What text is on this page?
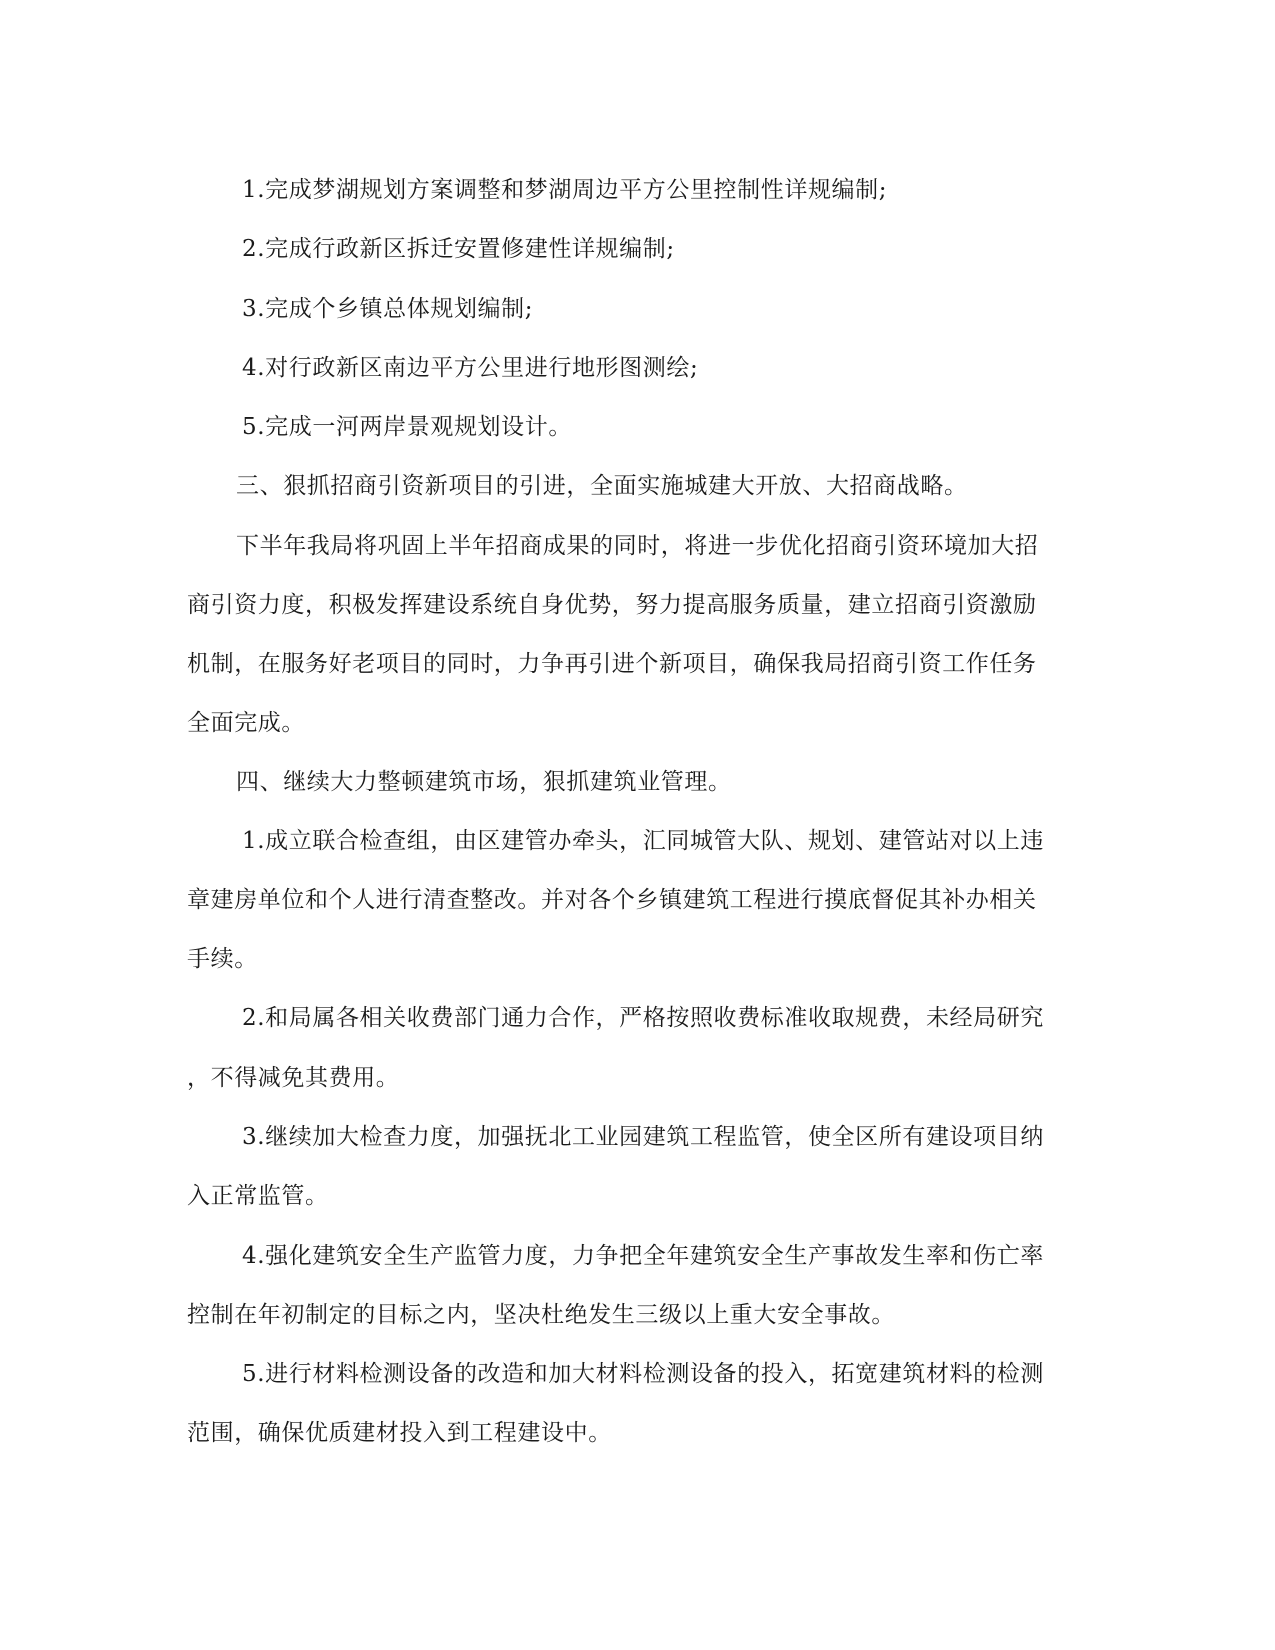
1.完成梦湖规划方案调整和梦湖周边平方公里控制性详规编制;
2.完成行政新区拆迁安置修建性详规编制;
3.完成个乡镇总体规划编制;
4.对行政新区南边平方公里进行地形图测绘;
5.完成一河两岸景观规划设计。
三、狠抓招商引资新项目的引进，全面实施城建大开放、大招商战略。
下半年我局将巩固上半年招商成果的同时，将进一步优化招商引资环境加大招
商引资力度，积极发挥建设系统自身优势，努力提高服务质量，建立招商引资激励
机制，在服务好老项目的同时，力争再引进个新项目，确保我局招商引资工作任务
全面完成。
四、继续大力整顿建筑市场，狠抓建筑业管理。
1.成立联合检查组，由区建管办牵头，汇同城管大队、规划、建管站对以上违
章建房单位和个人进行清查整改。并对各个乡镇建筑工程进行摸底督促其补办相关
手续。
2.和局属各相关收费部门通力合作，严格按照收费标准收取规费，未经局研究
，不得减免其费用。
3.继续加大检查力度，加强抚北工业园建筑工程监管，使全区所有建设项目纳
入正常监管。
4.强化建筑安全生产监管力度，力争把全年建筑安全生产事故发生率和伤亡率
控制在年初制定的目标之内，坚决杜绝发生三级以上重大安全事故。
5.进行材料检测设备的改造和加大材料检测设备的投入，拓宽建筑材料的检测
范围，确保优质建材投入到工程建设中。
